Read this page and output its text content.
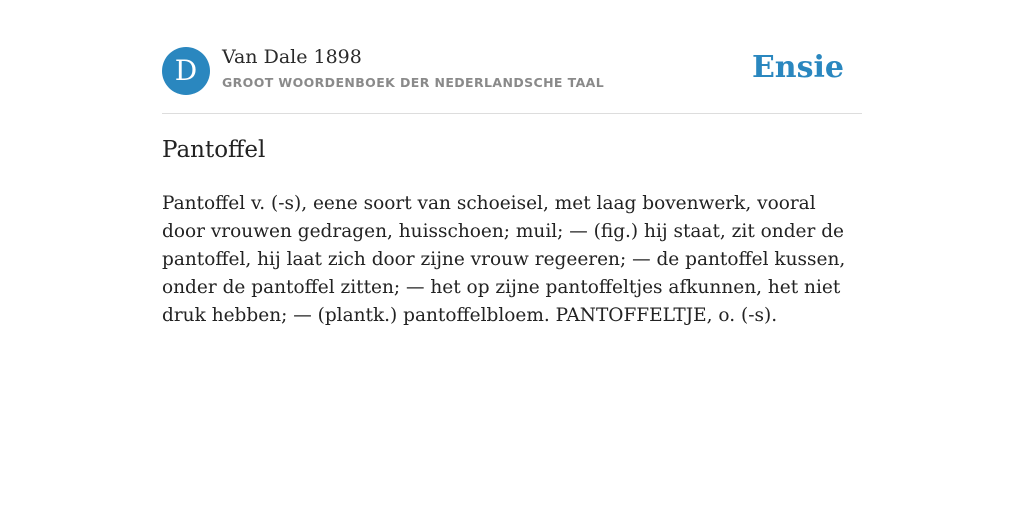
D	Van Dale 1898
GROOT WOORDENBOEK DER NEDERLANDSCHE TAAL	Ensie
Pantoffel

Pantoffel v. (-s), eene soort van schoeisel, met laag bovenwerk, vooral door vrouwen gedragen, huisschoen; muil; — (fig.) hij staat, zit onder de pantoffel, hij laat zich door zijne vrouw regeeren; — de pantoffel kussen, onder de pantoffel zitten; — het op zijne pantoffeltjes afkunnen, het niet druk hebben; — (plantk.) pantoffelbloem. PANTOFFELTJE, o. (-s).
